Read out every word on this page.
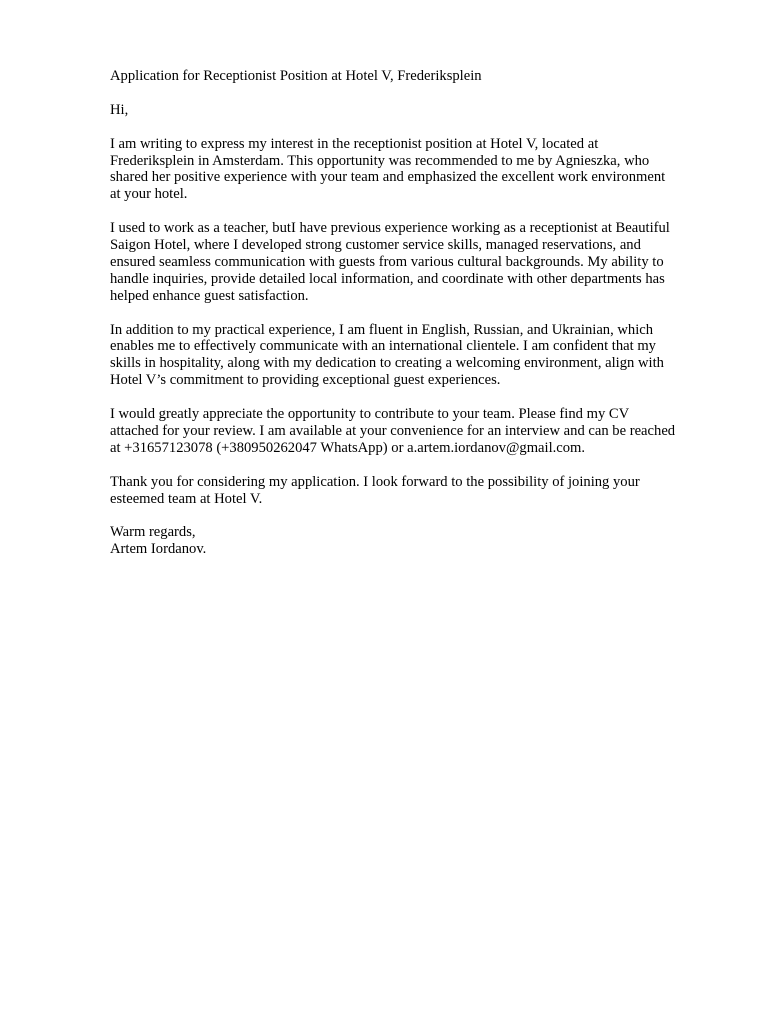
Application for Receptionist Position at Hotel V, Frederiksplein

Hi,

I am writing to express my interest in the receptionist position at Hotel V, located at
Frederiksplein in Amsterdam. This opportunity was recommended to me by Agnieszka, who
shared her positive experience with your team and emphasized the excellent work environment
at your hotel.

I used to work as a teacher, butI have previous experience working as a receptionist at Beautiful
Saigon Hotel, where I developed strong customer service skills, managed reservations, and
ensured seamless communication with guests from various cultural backgrounds. My ability to
handle inquiries, provide detailed local information, and coordinate with other departments has
helped enhance guest satisfaction.

In addition to my practical experience, I am fluent in English, Russian, and Ukrainian, which
enables me to effectively communicate with an international clientele. I am confident that my
skills in hospitality, along with my dedication to creating a welcoming environment, align with
Hotel V’s commitment to providing exceptional guest experiences.

I would greatly appreciate the opportunity to contribute to your team. Please find my CV
attached for your review. I am available at your convenience for an interview and can be reached
at +31657123078 (+380950262047 WhatsApp) or a.artem.iordanov@gmail.com.

Thank you for considering my application. I look forward to the possibility of joining your
esteemed team at Hotel V.

Warm regards,
Artem Iordanov.
